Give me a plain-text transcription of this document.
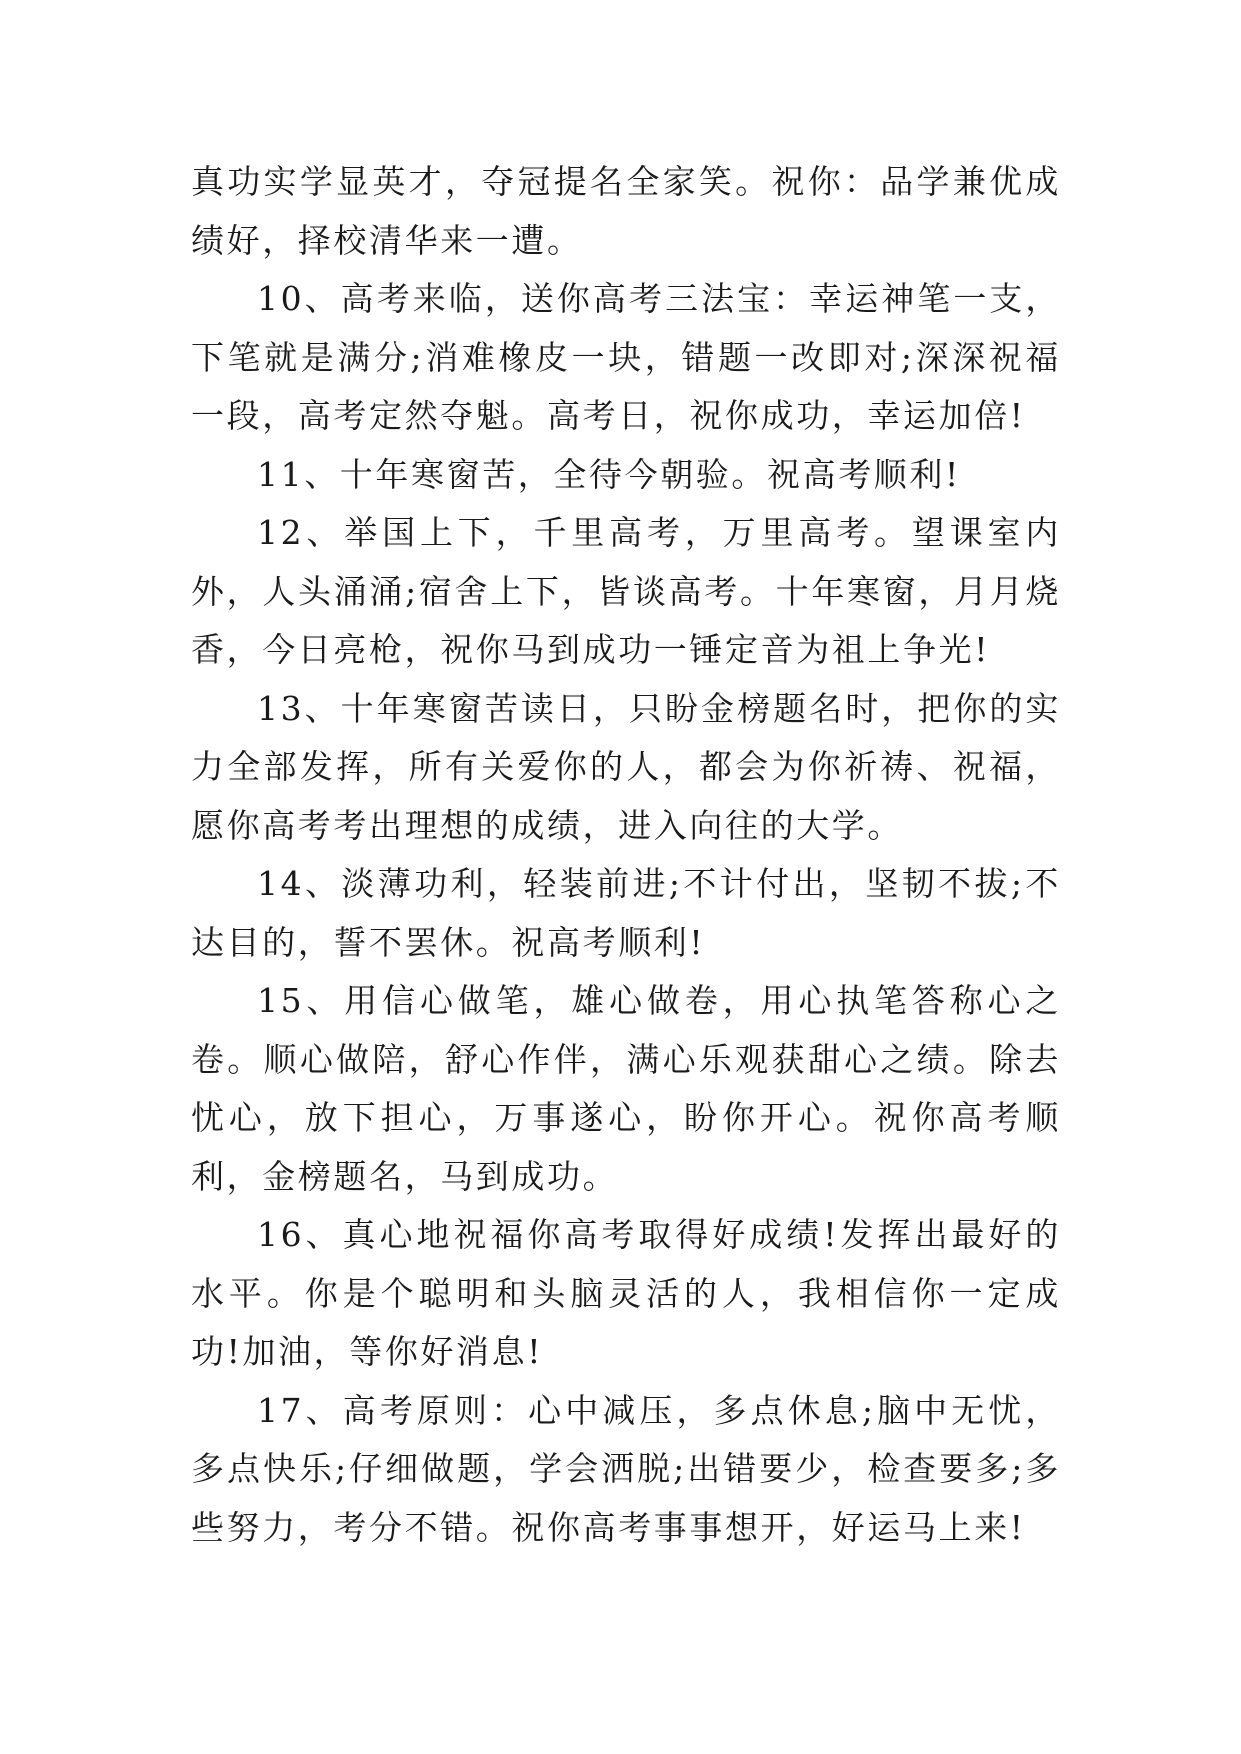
真功实学显英才，夺冠提名全家笑。祝你：品学兼优成绩好，择校清华来一遭。

10、高考来临，送你高考三法宝：幸运神笔一支，下笔就是满分;消难橡皮一块，错题一改即对;深深祝福一段，高考定然夺魁。高考日，祝你成功，幸运加倍!

11、十年寒窗苦，全待今朝验。祝高考顺利!

12、举国上下，千里高考，万里高考。望课室内外，人头涌涌;宿舍上下，皆谈高考。十年寒窗，月月烧香，今日亮枪，祝你马到成功一锤定音为祖上争光!

13、十年寒窗苦读日，只盼金榜题名时，把你的实力全部发挥，所有关爱你的人，都会为你祈祷、祝福，愿你高考考出理想的成绩，进入向往的大学。

14、淡薄功利，轻装前进;不计付出，坚韧不拔;不达目的，誓不罢休。祝高考顺利!

15、用信心做笔，雄心做卷，用心执笔答称心之卷。顺心做陪，舒心作伴，满心乐观获甜心之绩。除去忧心，放下担心，万事遂心，盼你开心。祝你高考顺利，金榜题名，马到成功。

16、真心地祝福你高考取得好成绩!发挥出最好的水平。你是个聪明和头脑灵活的人，我相信你一定成功!加油，等你好消息!

17、高考原则：心中减压，多点休息;脑中无忧，多点快乐;仔细做题，学会洒脱;出错要少，检查要多;多些努力，考分不错。祝你高考事事想开，好运马上来!
